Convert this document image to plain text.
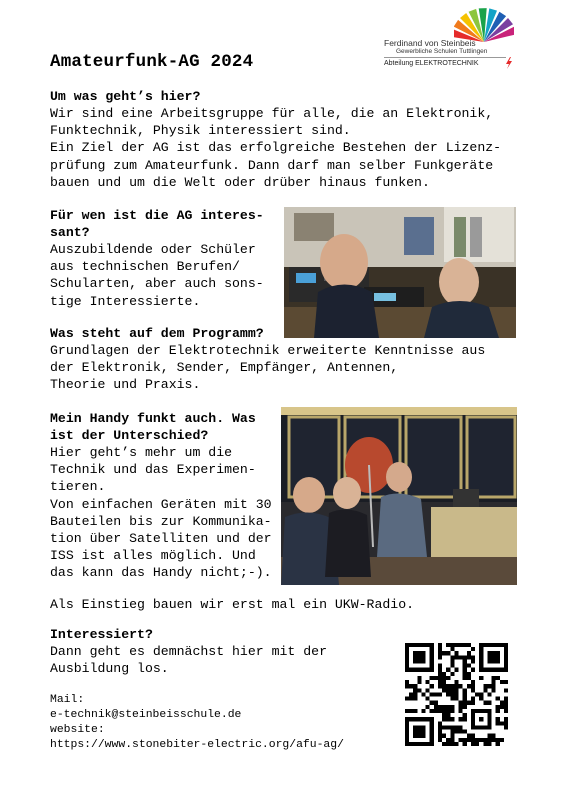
Ferdinand von Steinbeis
Gewerbliche Schulen Tuttlingen
Abteilung ELEKTROTECHNIK
Amateurfunk-AG 2024
Um was geht’s hier?
Wir sind eine Arbeitsgruppe für alle, die an Elektronik,
Funktechnik, Physik interessiert sind.
Ein Ziel der AG ist das erfolgreiche Bestehen der Lizenz-
prüfung zum Amateurfunk. Dann darf man selber Funkgeräte
bauen und um die Welt oder drüber hinaus funken.
Für wen ist die AG interes-
sant?
Auszubildende oder Schüler
aus technischen Berufen/
Schularten, aber auch sons-
tige Interessierte.
Was steht auf dem Programm?
Grundlagen der Elektrotechnik erweiterte Kenntnisse aus
der Elektronik, Sender, Empfänger, Antennen,
Theorie und Praxis.
Mein Handy funkt auch. Was
ist der Unterschied?
Hier geht’s mehr um die
Technik und das Experimen-
tieren.
Von einfachen Geräten mit 30
Bauteilen bis zur Kommunika-
tion über Satelliten und der
ISS ist alles möglich. Und
das kann das Handy nicht;-).
Als Einstieg bauen wir erst mal ein UKW-Radio.
Interessiert?
Dann geht es demnächst hier mit der
Ausbildung los.
Mail:
e-technik@steinbeisschule.de
website:
https://www.stonebiter-electric.org/afu-ag/
